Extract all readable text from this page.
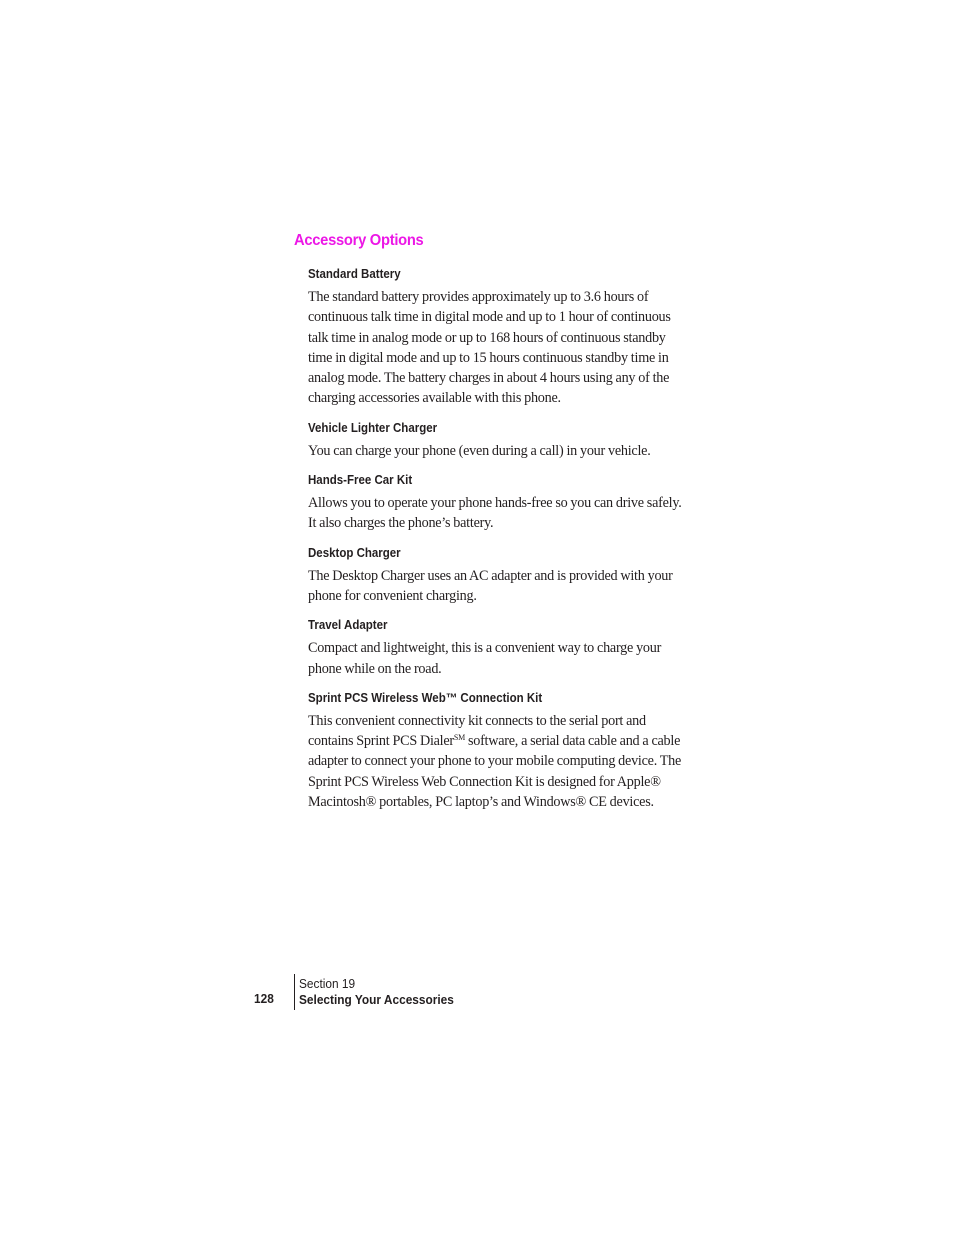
Accessory Options
Standard Battery

The standard battery provides approximately up to 3.6 hours of continuous talk time in digital mode and up to 1 hour of continuous talk time in analog mode or up to 168 hours of continuous standby time in digital mode and up to 15 hours continuous standby time in analog mode. The battery charges in about 4 hours using any of the charging accessories available with this phone.

Vehicle Lighter Charger

You can charge your phone (even during a call) in your vehicle.

Hands-Free Car Kit

Allows you to operate your phone hands-free so you can drive safely. It also charges the phone’s battery.

Desktop Charger

The Desktop Charger uses an AC adapter and is provided with your phone for convenient charging.

Travel Adapter

Compact and lightweight, this is a convenient way to charge your phone while on the road.

Sprint PCS Wireless Web™ Connection Kit

This convenient connectivity kit connects to the serial port and contains Sprint PCS Dialer℠ software, a serial data cable and a cable adapter to connect your phone to your mobile computing device. The Sprint PCS Wireless Web Connection Kit is designed for Apple® Macintosh® portables, PC laptop’s and Windows® CE devices.

128
Section 19
Selecting Your Accessories
